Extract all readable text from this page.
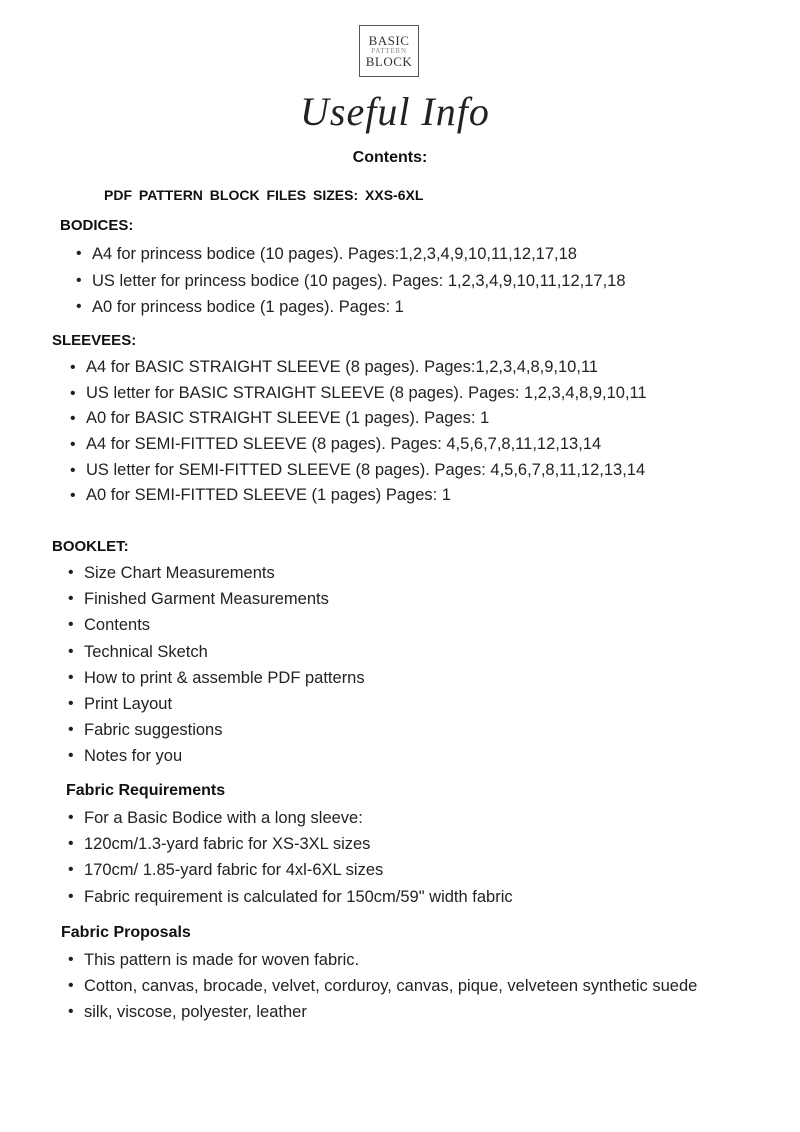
BASIC
PATTERN
BLOCK
Useful Info
Contents:
PDF PATTERN BLOCK FILES SIZES: XXS-6XL
BODICES:
• A4 for princess bodice (10 pages). Pages:1,2,3,4,9,10,11,12,17,18
• US letter for princess bodice (10 pages). Pages: 1,2,3,4,9,10,11,12,17,18
• A0 for princess bodice (1 pages). Pages: 1
SLEEVEES:
• A4 for BASIC STRAIGHT SLEEVE (8 pages). Pages:1,2,3,4,8,9,10,11
• US letter for BASIC STRAIGHT SLEEVE (8 pages). Pages: 1,2,3,4,8,9,10,11
• A0 for BASIC STRAIGHT SLEEVE (1 pages). Pages: 1
• A4 for SEMI-FITTED SLEEVE (8 pages). Pages: 4,5,6,7,8,11,12,13,14
• US letter for SEMI-FITTED SLEEVE (8 pages). Pages: 4,5,6,7,8,11,12,13,14
• A0 for SEMI-FITTED SLEEVE (1 pages) Pages: 1
BOOKLET:
• Size Chart Measurements
• Finished Garment Measurements
• Contents
• Technical Sketch
• How to print & assemble PDF patterns
• Print Layout
• Fabric suggestions
• Notes for you
Fabric Requirements
• For a Basic Bodice with a long sleeve:
• 120cm/1.3-yard fabric for XS-3XL sizes
• 170cm/ 1.85-yard fabric for 4xl-6XL sizes
• Fabric requirement is calculated for 150cm/59" width fabric
Fabric Proposals
• This pattern is made for woven fabric.
• Cotton, canvas, brocade, velvet, corduroy, canvas, pique, velveteen synthetic suede
• silk, viscose, polyester, leather
